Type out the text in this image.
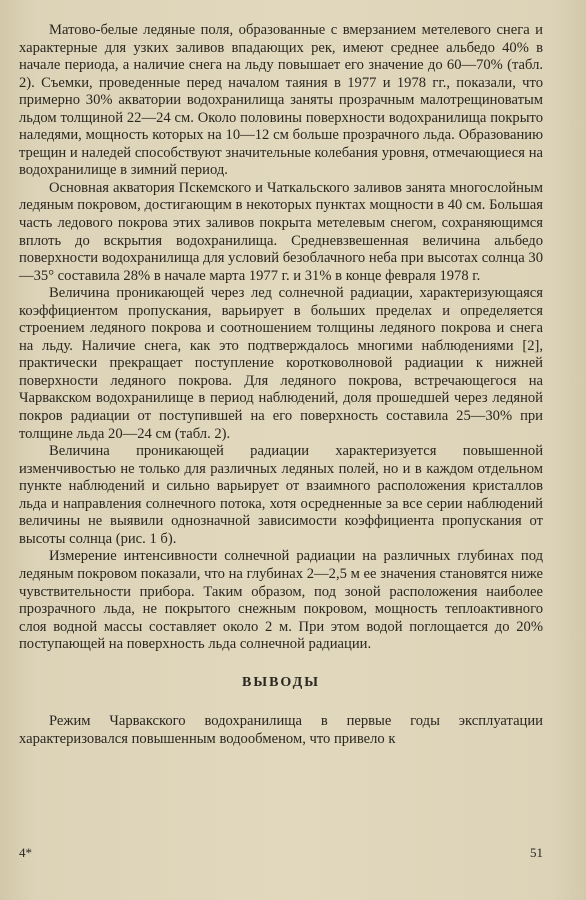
Матово-белые ледяные поля, образованные с вмерзанием метелевого снега и характерные для узких заливов впадающих рек, имеют среднее альбедо 40% в начале периода, а наличие снега на льду повышает его значение до 60—70% (табл. 2). Съемки, проведенные перед началом таяния в 1977 и 1978 гг., показали, что примерно 30% акватории водохранилища заняты прозрачным малотрещиноватым льдом толщиной 22—24 см. Около половины поверхности водохранилища покрыто наледями, мощность которых на 10—12 см больше прозрачного льда. Образованию трещин и наледей способствуют значительные колебания уровня, отмечающиеся на водохранилище в зимний период.

Основная акватория Пскемского и Чаткальского заливов занята многослойным ледяным покровом, достигающим в некоторых пунктах мощности в 40 см. Большая часть ледового покрова этих заливов покрыта метелевым снегом, сохраняющимся вплоть до вскрытия водохранилища. Средневзвешенная величина альбедо поверхности водохранилища для условий безоблачного неба при высотах солнца 30—35° составила 28% в начале марта 1977 г. и 31% в конце февраля 1978 г.

Величина проникающей через лед солнечной радиации, характеризующаяся коэффициентом пропускания, варьирует в больших пределах и определяется строением ледяного покрова и соотношением толщины ледяного покрова и снега на льду. Наличие снега, как это подтверждалось многими наблюдениями [2], практически прекращает поступление коротковолновой радиации к нижней поверхности ледяного покрова. Для ледяного покрова, встречающегося на Чарвакском водохранилище в период наблюдений, доля прошедшей через ледяной покров радиации от поступившей на его поверхность составила 25—30% при толщине льда 20—24 см (табл. 2).

Величина проникающей радиации характеризуется повышенной изменчивостью не только для различных ледяных полей, но и в каждом отдельном пункте наблюдений и сильно варьирует от взаимного расположения кристаллов льда и направления солнечного потока, хотя осредненные за все серии наблюдений величины не выявили однозначной зависимости коэффициента пропускания от высоты солнца (рис. 1 б).

Измерение интенсивности солнечной радиации на различных глубинах под ледяным покровом показали, что на глубинах 2—2,5 м ее значения становятся ниже чувствительности прибора. Таким образом, под зоной расположения наиболее прозрачного льда, не покрытого снежным покровом, мощность теплоактивного слоя водной массы составляет около 2 м. При этом водой поглощается до 20% поступающей на поверхность льда солнечной радиации.

ВЫВОДЫ

Режим Чарвакского водохранилища в первые годы эксплуатации характеризовался повышенным водообменом, что привело к

4*	51
